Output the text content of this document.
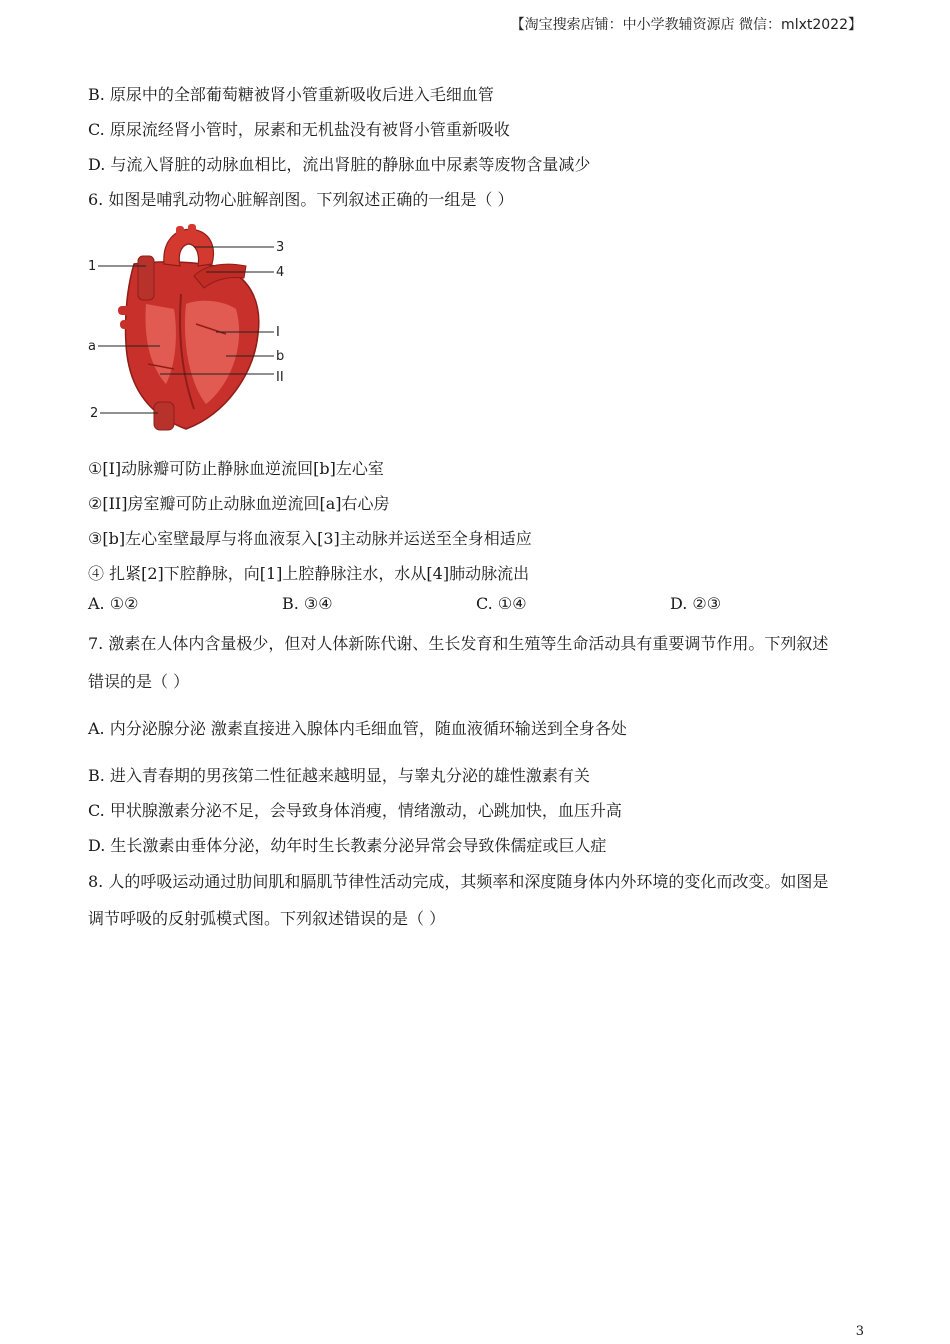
【淘宝搜索店铺：中小学教辅资源店 微信：mlxt2022】
B. 原尿中的全部葡萄糖被肾小管重新吸收后进入毛细血管
C. 原尿流经肾小管时，尿素和无机盐没有被肾小管重新吸收
D. 与流入肾脏的动脉血相比，流出肾脏的静脉血中尿素等废物含量减少
6. 如图是哺乳动物心脏解剖图。下列叙述正确的一组是（ ）
3
4
1
a
I
b
II
2
①[I]动脉瓣可防止静脉血逆流回[b]左心室
②[II]房室瓣可防止动脉血逆流回[a]右心房
③[b]左心室壁最厚与将血液泵入[3]主动脉并运送至全身相适应
④ 扎紧[2]下腔静脉，向[1]上腔静脉注水，水从[4]肺动脉流出
A. ①②	B. ③④	C. ①④	D. ②③
7. 激素在人体内含量极少，但对人体新陈代谢、生长发育和生殖等生命活动具有重要调节作用。下列叙述
错误的是（ ）
A. 内分泌腺分泌 激素直接进入腺体内毛细血管，随血液循环输送到全身各处
B. 进入青春期的男孩第二性征越来越明显，与睾丸分泌的雄性激素有关
C. 甲状腺激素分泌不足，会导致身体消瘦，情绪激动，心跳加快，血压升高
D. 生长激素由垂体分泌，幼年时生长教素分泌异常会导致侏儒症或巨人症
8. 人的呼吸运动通过肋间肌和膈肌节律性活动完成，其频率和深度随身体内外环境的变化而改变。如图是
调节呼吸的反射弧模式图。下列叙述错误的是（ ）
3
